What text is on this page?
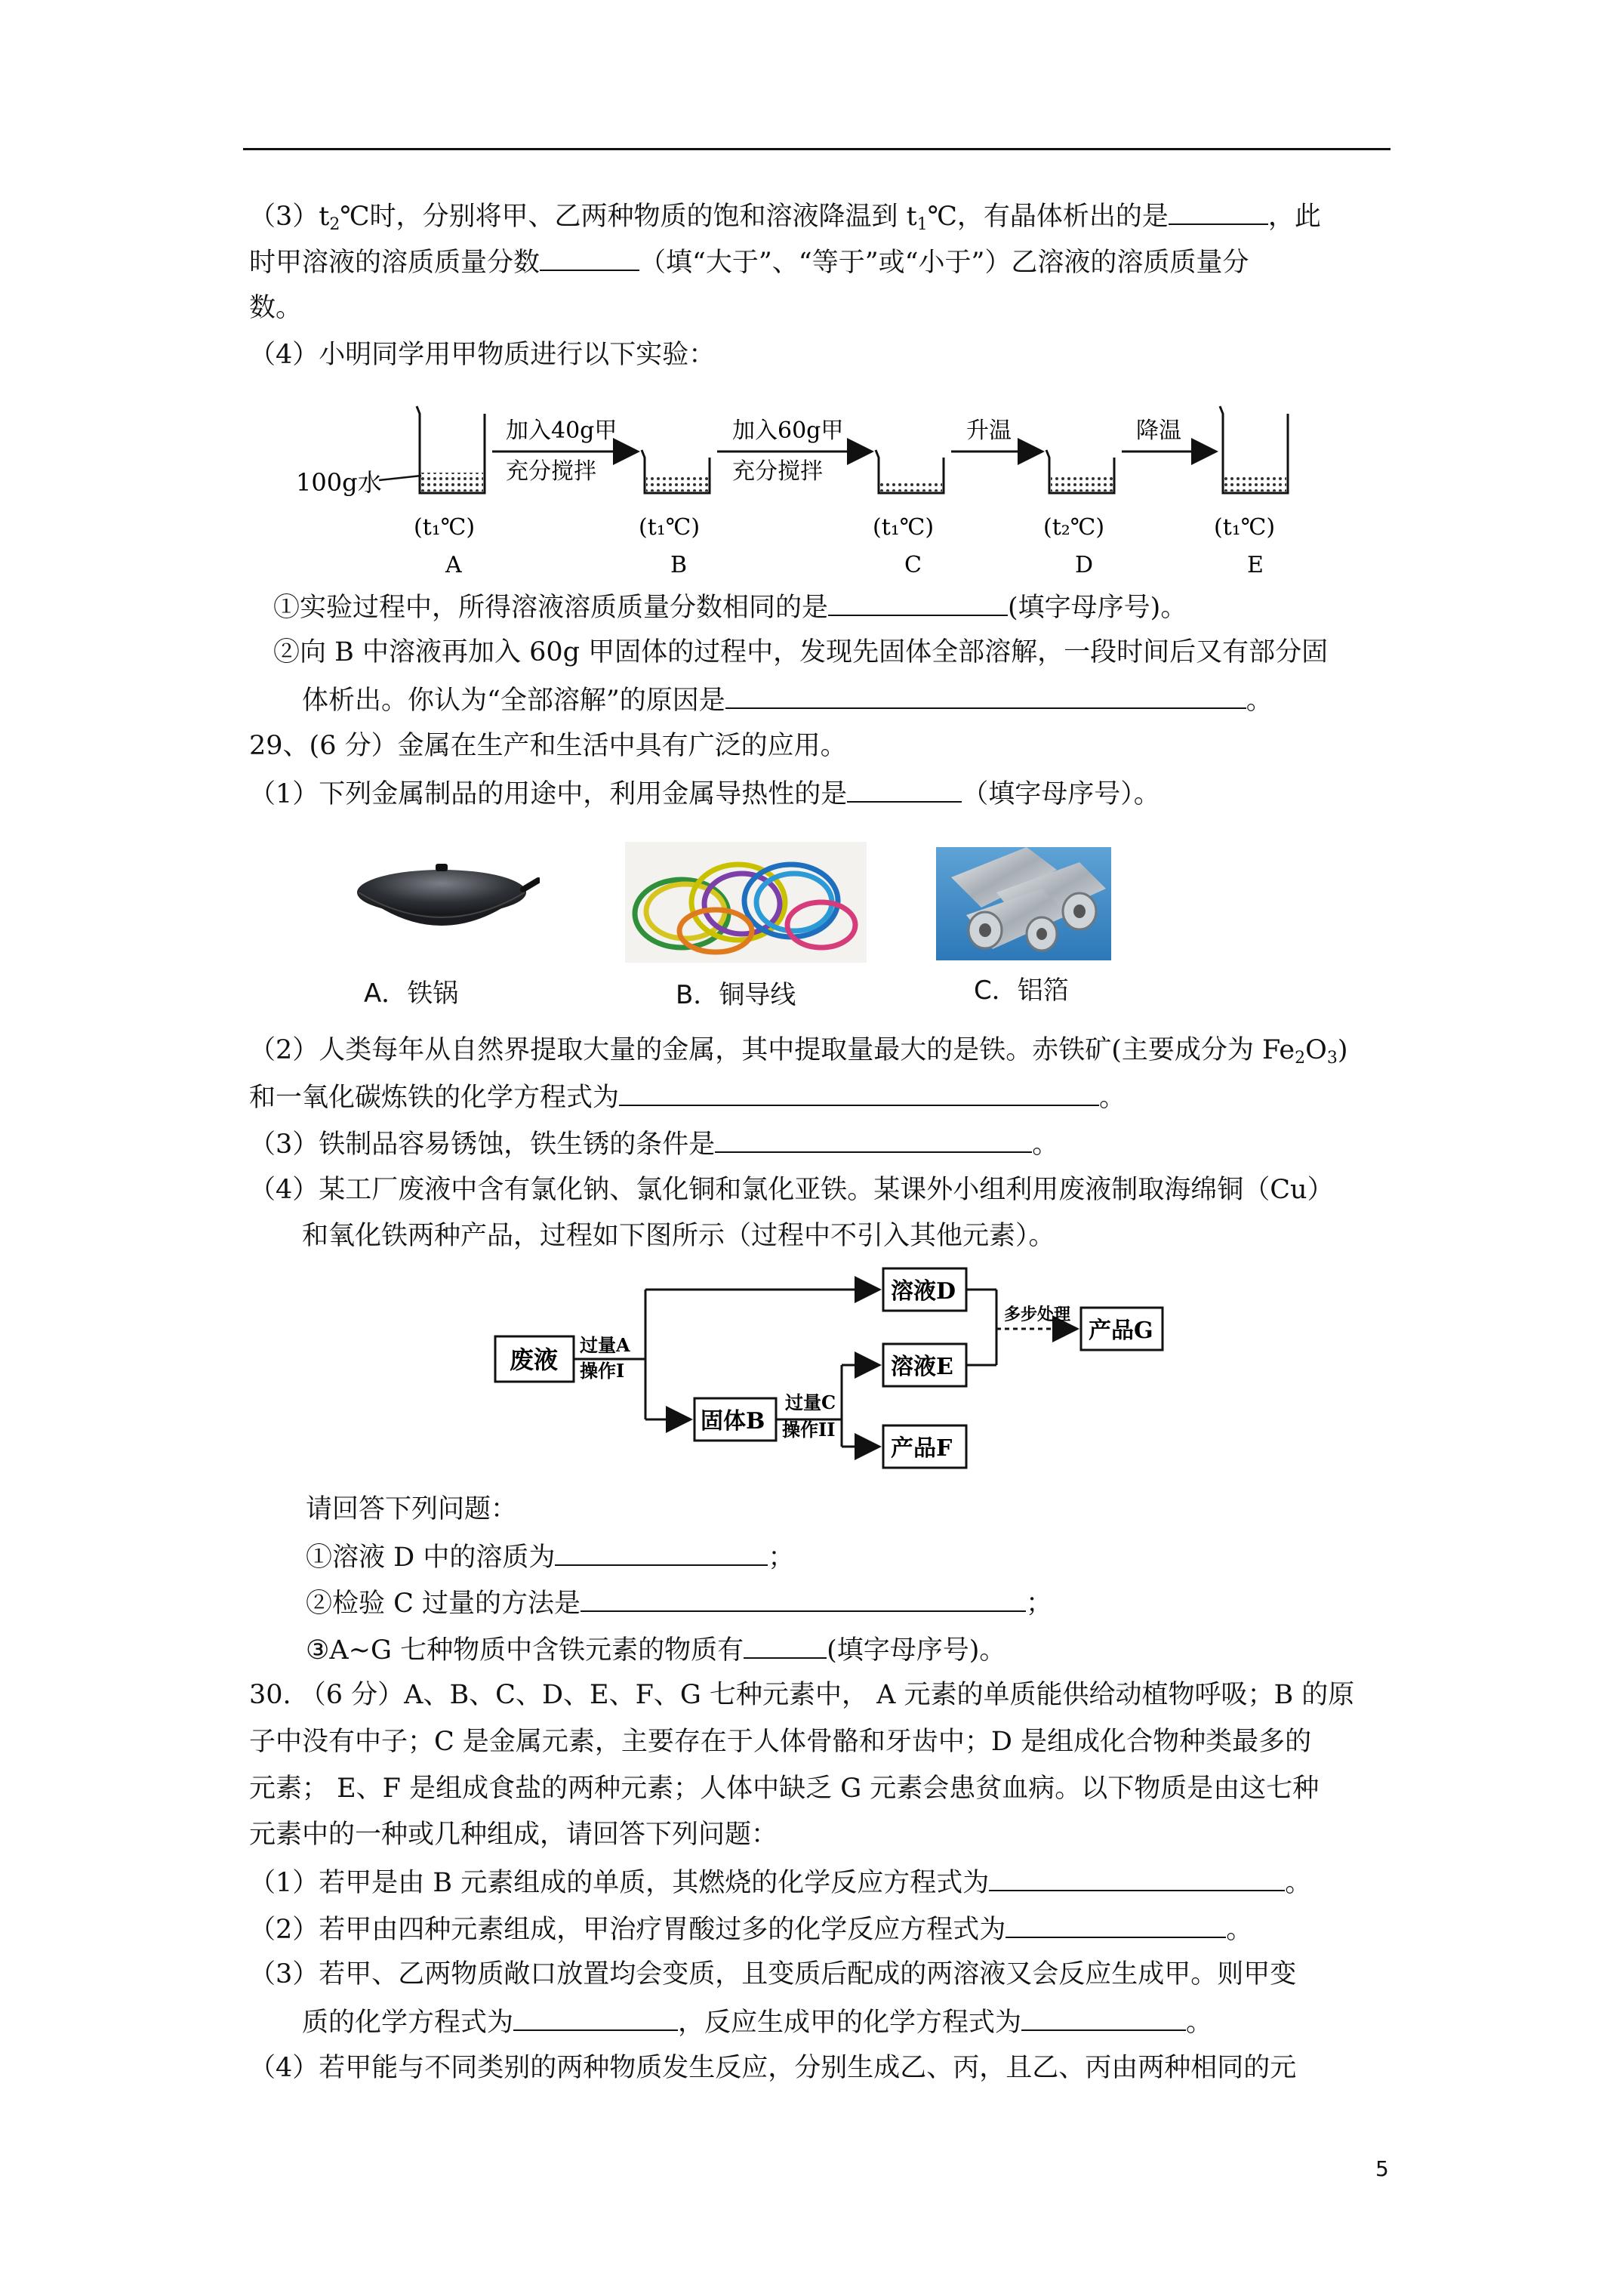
$(3)t_2℃$时，分别将甲、乙两种物质的饱和溶液降温到 $t_1℃$，有晶体析出的是	，此
时甲溶液的溶质质量分数	（填“大于”、“等于”或“小于”）乙溶液的溶质质量分
数。
（4）小明同学用甲物质进行以下实验：
100g水
加入40g甲
充分搅拌
加入60g甲
充分搅拌
升温	降温
(t₁℃)	(t₁℃)	(t₁℃)	(t₂℃)	(t₁℃)
A	B	C	D	E
①实验过程中，所得溶液溶质质量分数相同的是	(填字母序号)。
②向 B 中溶液再加入 60g 甲固体的过程中，发现先固体全部溶解，一段时间后又有部分固
体析出。你认为“全部溶解”的原因是	。
29、(6 分）金属在生产和生活中具有广泛的应用。
（1）下列金属制品的用途中，利用金属导热性的是	（填字母序号）。
A．铁锅	B．铜导线	C．铝箔
（2）人类每年从自然界提取大量的金属，其中提取量最大的是铁。赤铁矿(主要成分为 $Fe_2O_3$)
和一氧化碳炼铁的化学方程式为	。
（3）铁制品容易锈蚀，铁生锈的条件是	。
（4）某工厂废液中含有氯化钠、氯化铜和氯化亚铁。某课外小组利用废液制取海绵铜（Cu）
和氧化铁两种产品，过程如下图所示（过程中不引入其他元素）。
废液
过量A
操作I
溶液D
固体B
过量C
操作II
溶液E
产品F
多步处理
产品G
请回答下列问题：
①溶液 D 中的溶质为	；
②检验 C 过量的方法是	；
③A~G 七种物质中含铁元素的物质有	(填字母序号)。
30. （6 分）A、B、C、D、E、F、G 七种元素中， A 元素的单质能供给动植物呼吸；B 的原
子中没有中子；C 是金属元素，主要存在于人体骨骼和牙齿中；D 是组成化合物种类最多的
元素； E、F 是组成食盐的两种元素；人体中缺乏 G 元素会患贫血病。以下物质是由这七种
元素中的一种或几种组成，请回答下列问题：
（1）若甲是由 B 元素组成的单质，其燃烧的化学反应方程式为	。
（2）若甲由四种元素组成，甲治疗胃酸过多的化学反应方程式为	。
（3）若甲、乙两物质敞口放置均会变质，且变质后配成的两溶液又会反应生成甲。则甲变
质的化学方程式为	，反应生成甲的化学方程式为	。
（4）若甲能与不同类别的两种物质发生反应，分别生成乙、丙，且乙、丙由两种相同的元
5
